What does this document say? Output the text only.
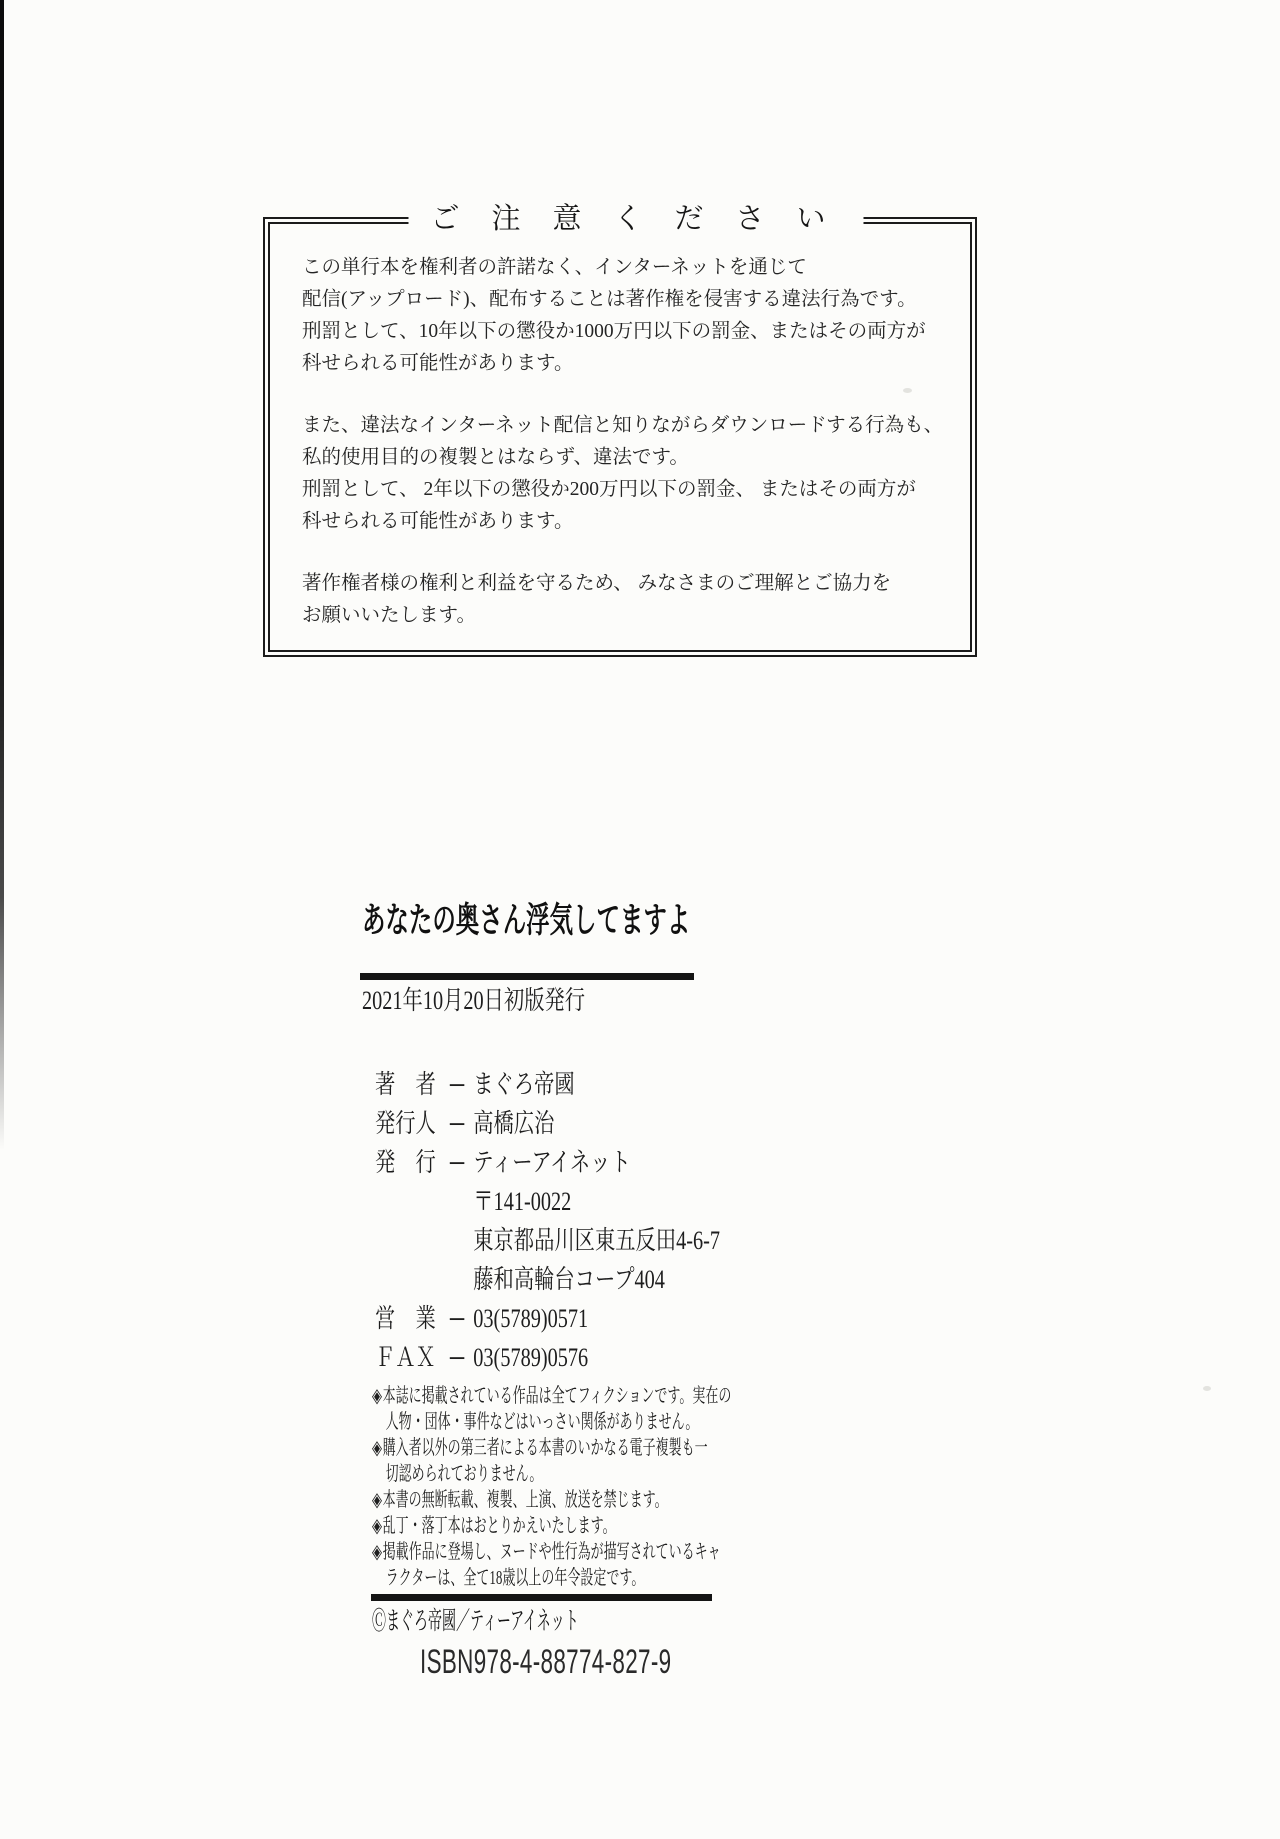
ご注意ください

この単行本を権利者の許諾なく、インターネットを通じて
配信(アップロード)、配布することは著作権を侵害する違法行為です。
刑罰として、10年以下の懲役か1000万円以下の罰金、またはその両方が
科せられる可能性があります。

また、違法なインターネット配信と知りながらダウンロードする行為も、
私的使用目的の複製とはならず、違法です。
刑罰として、 2年以下の懲役か200万円以下の罰金、 またはその両方が
科せられる可能性があります。

著作権者様の権利と利益を守るため、 みなさまのご理解とご協力を
お願いいたします。

あなたの奥さん浮気してますよ
2021年10月20日初版発行
著　者 ─ まぐろ帝國
発行人 ─ 高橋広治
発　行 ─ ティーアイネット
〒141-0022
東京都品川区東五反田4-6-7
藤和高輪台コープ404
営　業 ─ 03(5789)0571
ＦＡＸ ─ 03(5789)0576
◈本誌に掲載されている作品は全てフィクションです。実在の
人物・団体・事件などはいっさい関係がありません。
◈購入者以外の第三者による本書のいかなる電子複製も一
切認められておりません。
◈本書の無断転載、複製、上演、放送を禁じます。
◈乱丁・落丁本はおとりかえいたします。
◈掲載作品に登場し、ヌードや性行為が描写されているキャ
ラクターは、全て18歳以上の年令設定です。
Ⓒまぐろ帝國／ティーアイネット
ISBN978-4-88774-827-9
